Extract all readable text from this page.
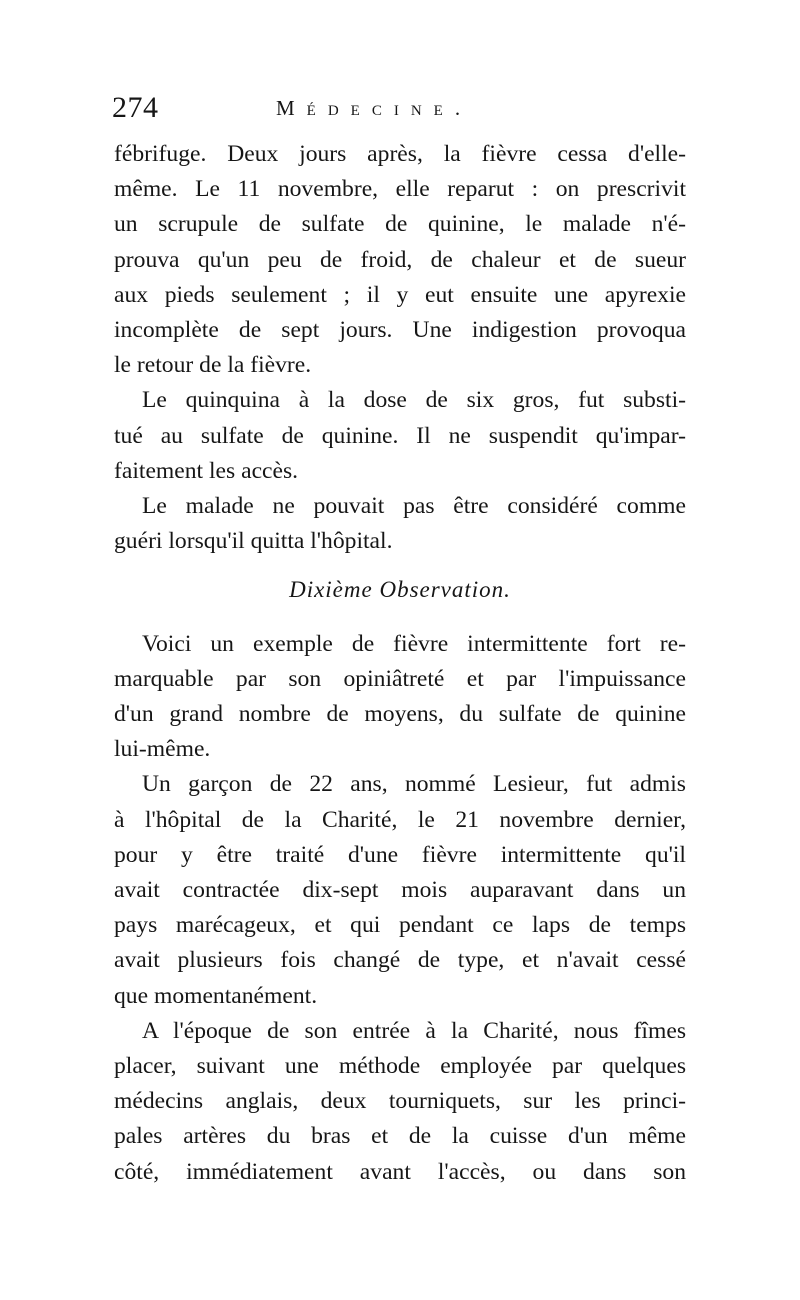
274	Médecine.
fébrifuge. Deux jours après, la fièvre cessa d'elle-
même. Le 11 novembre, elle reparut : on prescrivit
un scrupule de sulfate de quinine, le malade n'é-
prouva qu'un peu de froid, de chaleur et de sueur
aux pieds seulement ; il y eut ensuite une apyrexie
incomplète de sept jours. Une indigestion provoqua
le retour de la fièvre.
Le quinquina à la dose de six gros, fut substi-
tué au sulfate de quinine. Il ne suspendit qu'impar-
faitement les accès.
Le malade ne pouvait pas être considéré comme
guéri lorsqu'il quitta l'hôpital.
Dixième Observation.
Voici un exemple de fièvre intermittente fort re-
marquable par son opiniâtreté et par l'impuissance
d'un grand nombre de moyens, du sulfate de quinine
lui-même.
Un garçon de 22 ans, nommé Lesieur, fut admis
à l'hôpital de la Charité, le 21 novembre dernier,
pour y être traité d'une fièvre intermittente qu'il
avait contractée dix-sept mois auparavant dans un
pays marécageux, et qui pendant ce laps de temps
avait plusieurs fois changé de type, et n'avait cessé
que momentanément.
A l'époque de son entrée à la Charité, nous fîmes
placer, suivant une méthode employée par quelques
médecins anglais, deux tourniquets, sur les princi-
pales artères du bras et de la cuisse d'un même
côté, immédiatement avant l'accès, ou dans son
